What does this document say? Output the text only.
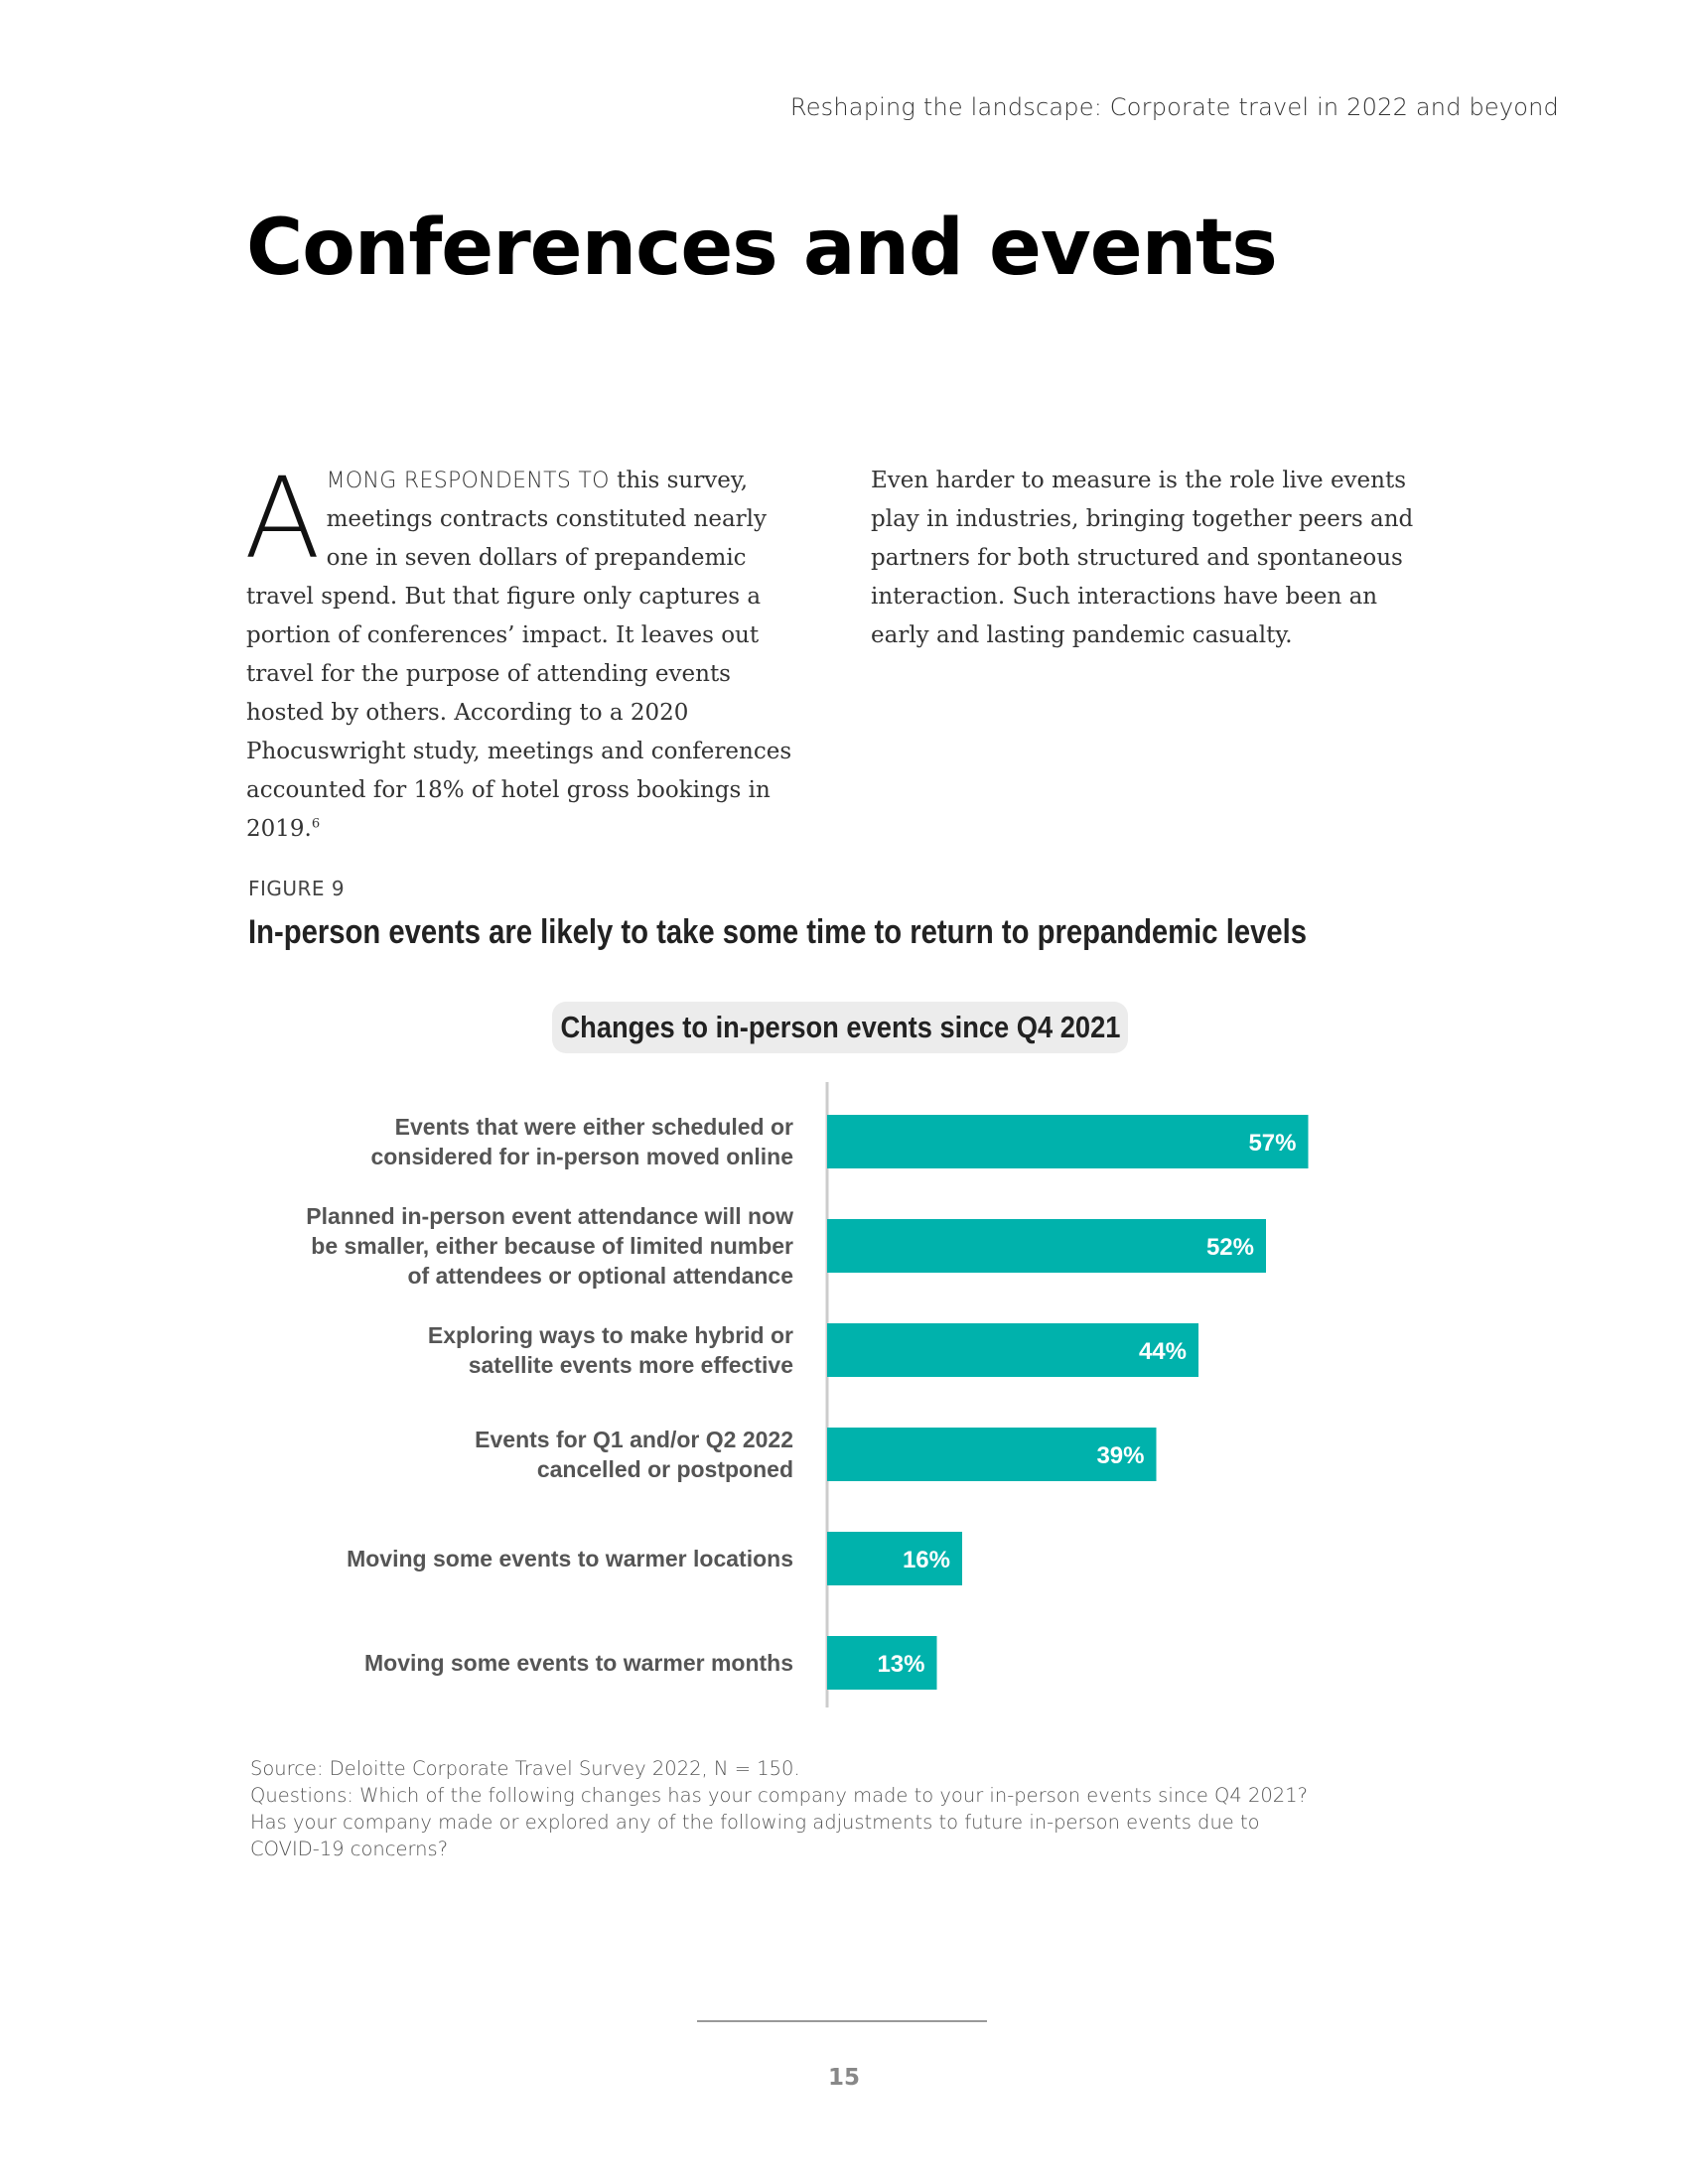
Reshaping the landscape: Corporate travel in 2022 and beyond
Conferences and events

AMONG RESPONDENTS TO this survey, meetings contracts constituted nearly one in seven dollars of prepandemic travel spend. But that figure only captures a portion of conferences’ impact. It leaves out travel for the purpose of attending events hosted by others. According to a 2020 Phocuswright study, meetings and conferences accounted for 18% of hotel gross bookings in 2019.$^6$

Even harder to measure is the role live events play in industries, bringing together peers and partners for both structured and spontaneous interaction. Such interactions have been an early and lasting pandemic casualty.

FIGURE 9
In-person events are likely to take some time to return to prepandemic levels
Changes to in-person events since Q4 2021
57%
Events that were either scheduled or considered for in-person moved online
52%
Planned in-person event attendance will now be smaller, either because of limited number of attendees or optional attendance
44%
Exploring ways to make hybrid or satellite events more effective
39%
Events for Q1 and/or Q2 2022 cancelled or postponed
16%
Moving some events to warmer locations
13%
Moving some events to warmer months

Source: Deloitte Corporate Travel Survey 2022, N = 150.

Questions: Which of the following changes has your company made to your in-person events since Q4 2021? Has your company made or explored any of the following adjustments to future in-person events due to COVID-19 concerns?

15
